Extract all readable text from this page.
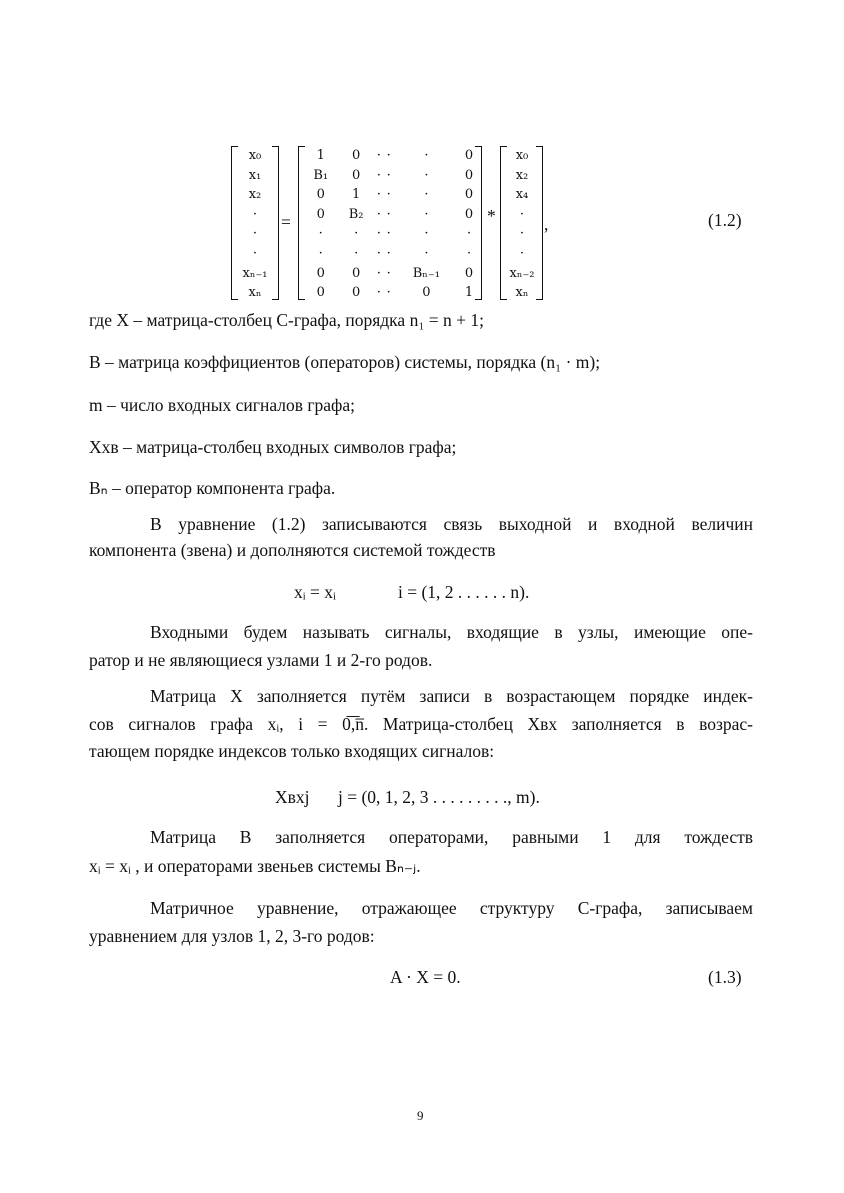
x₀
x₁
x₂
·
·
·
xₙ₋₁
xₙ
=
1	0	·	·	·	0
B₁	0	·	·	·	0
0	1	·	·	·	0
0	B₂	·	·	·	0
·	·	·	·	·	·
·	·	·	·	·	·
0	0	·	·	Bₙ₋₁	0
0	0	·	·	0	1
*
x₀
x₂
x₄
·
·
·
xₙ₋₂
xₙ
,	(1.2)
где X – матрица-столбец С-графа, порядка n₁ = n + 1;
B – матрица коэффициентов (операторов) системы, порядка (n₁ · m);
m – число входных сигналов графа;
Xхв – матрица-столбец входных символов графа;
Bₙ – оператор компонента графа.
В уравнение (1.2) записываются связь выходной и входной величин
компонента (звена) и дополняются системой тождеств
xᵢ = xᵢ	i = (1, 2 . . . . . . n).
Входными будем называть сигналы, входящие в узлы, имеющие опе-
ратор и не являющиеся узлами 1 и 2-го родов.
Матрица X заполняется путём записи в возрастающем порядке индек-
сов сигналов графа xᵢ, i = 0̅,̅n̅. Матрица-столбец Xвх заполняется в возрас-
тающем порядке индексов только входящих сигналов:
Xвхj j = (0, 1, 2, 3 . . . . . . . . ., m).
Матрица B заполняется операторами, равными 1 для тождеств
xᵢ = xᵢ , и операторами звеньев системы Bₙ₋ⱼ.
Матричное уравнение, отражающее структуру С-графа, записываем
уравнением для узлов 1, 2, 3-го родов:
A · X = 0.	(1.3)
9
